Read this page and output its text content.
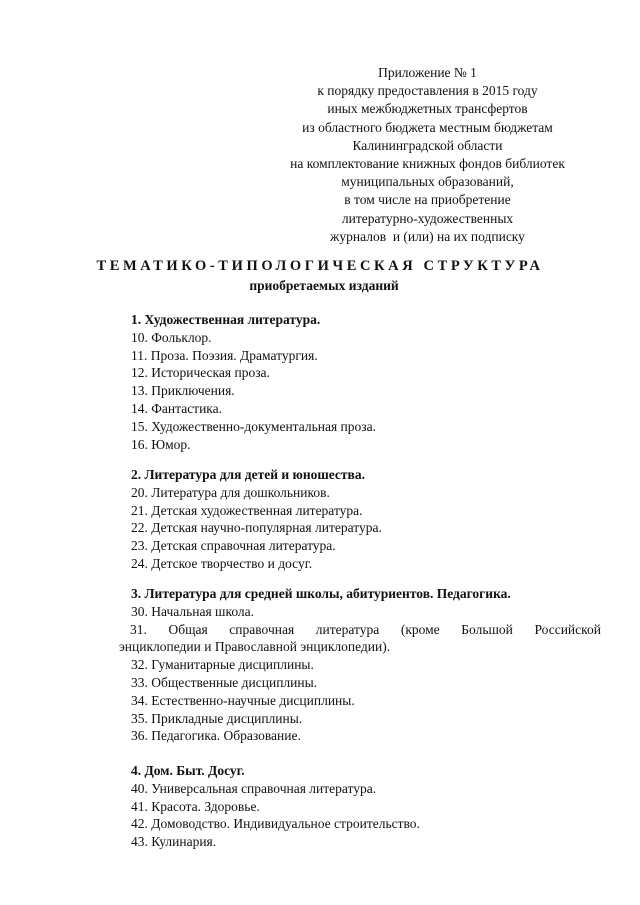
Приложение № 1
к порядку предоставления в 2015 году
иных межбюджетных трансфертов
из областного бюджета местным бюджетам
Калининградской области
на комплектование книжных фондов библиотек
муниципальных образований,
в том числе на приобретение
литературно-художественных
журналов  и (или) на их подписку
ТЕМАТИКО-ТИПОЛОГИЧЕСКАЯ СТРУКТУРА
приобретаемых изданий
1. Художественная литература.
10. Фольклор.
11. Проза. Поэзия. Драматургия.
12. Историческая проза.
13. Приключения.
14. Фантастика.
15. Художественно-документальная проза.
16. Юмор.
2. Литература для детей и юношества.
20. Литература для дошкольников.
21. Детская художественная литература.
22. Детская научно-популярная литература.
23. Детская справочная литература.
24. Детское творчество и досуг.
3. Литература для средней школы, абитуриентов. Педагогика.
30. Начальная школа.
31. Общая справочная литература (кроме Большой Российской
энциклопедии и Православной энциклопедии).
32. Гуманитарные дисциплины.
33. Общественные дисциплины.
34. Естественно-научные дисциплины.
35. Прикладные дисциплины.
36. Педагогика. Образование.
4. Дом. Быт. Досуг.
40. Универсальная справочная литература.
41. Красота. Здоровье.
42. Домоводство. Индивидуальное строительство.
43. Кулинария.
